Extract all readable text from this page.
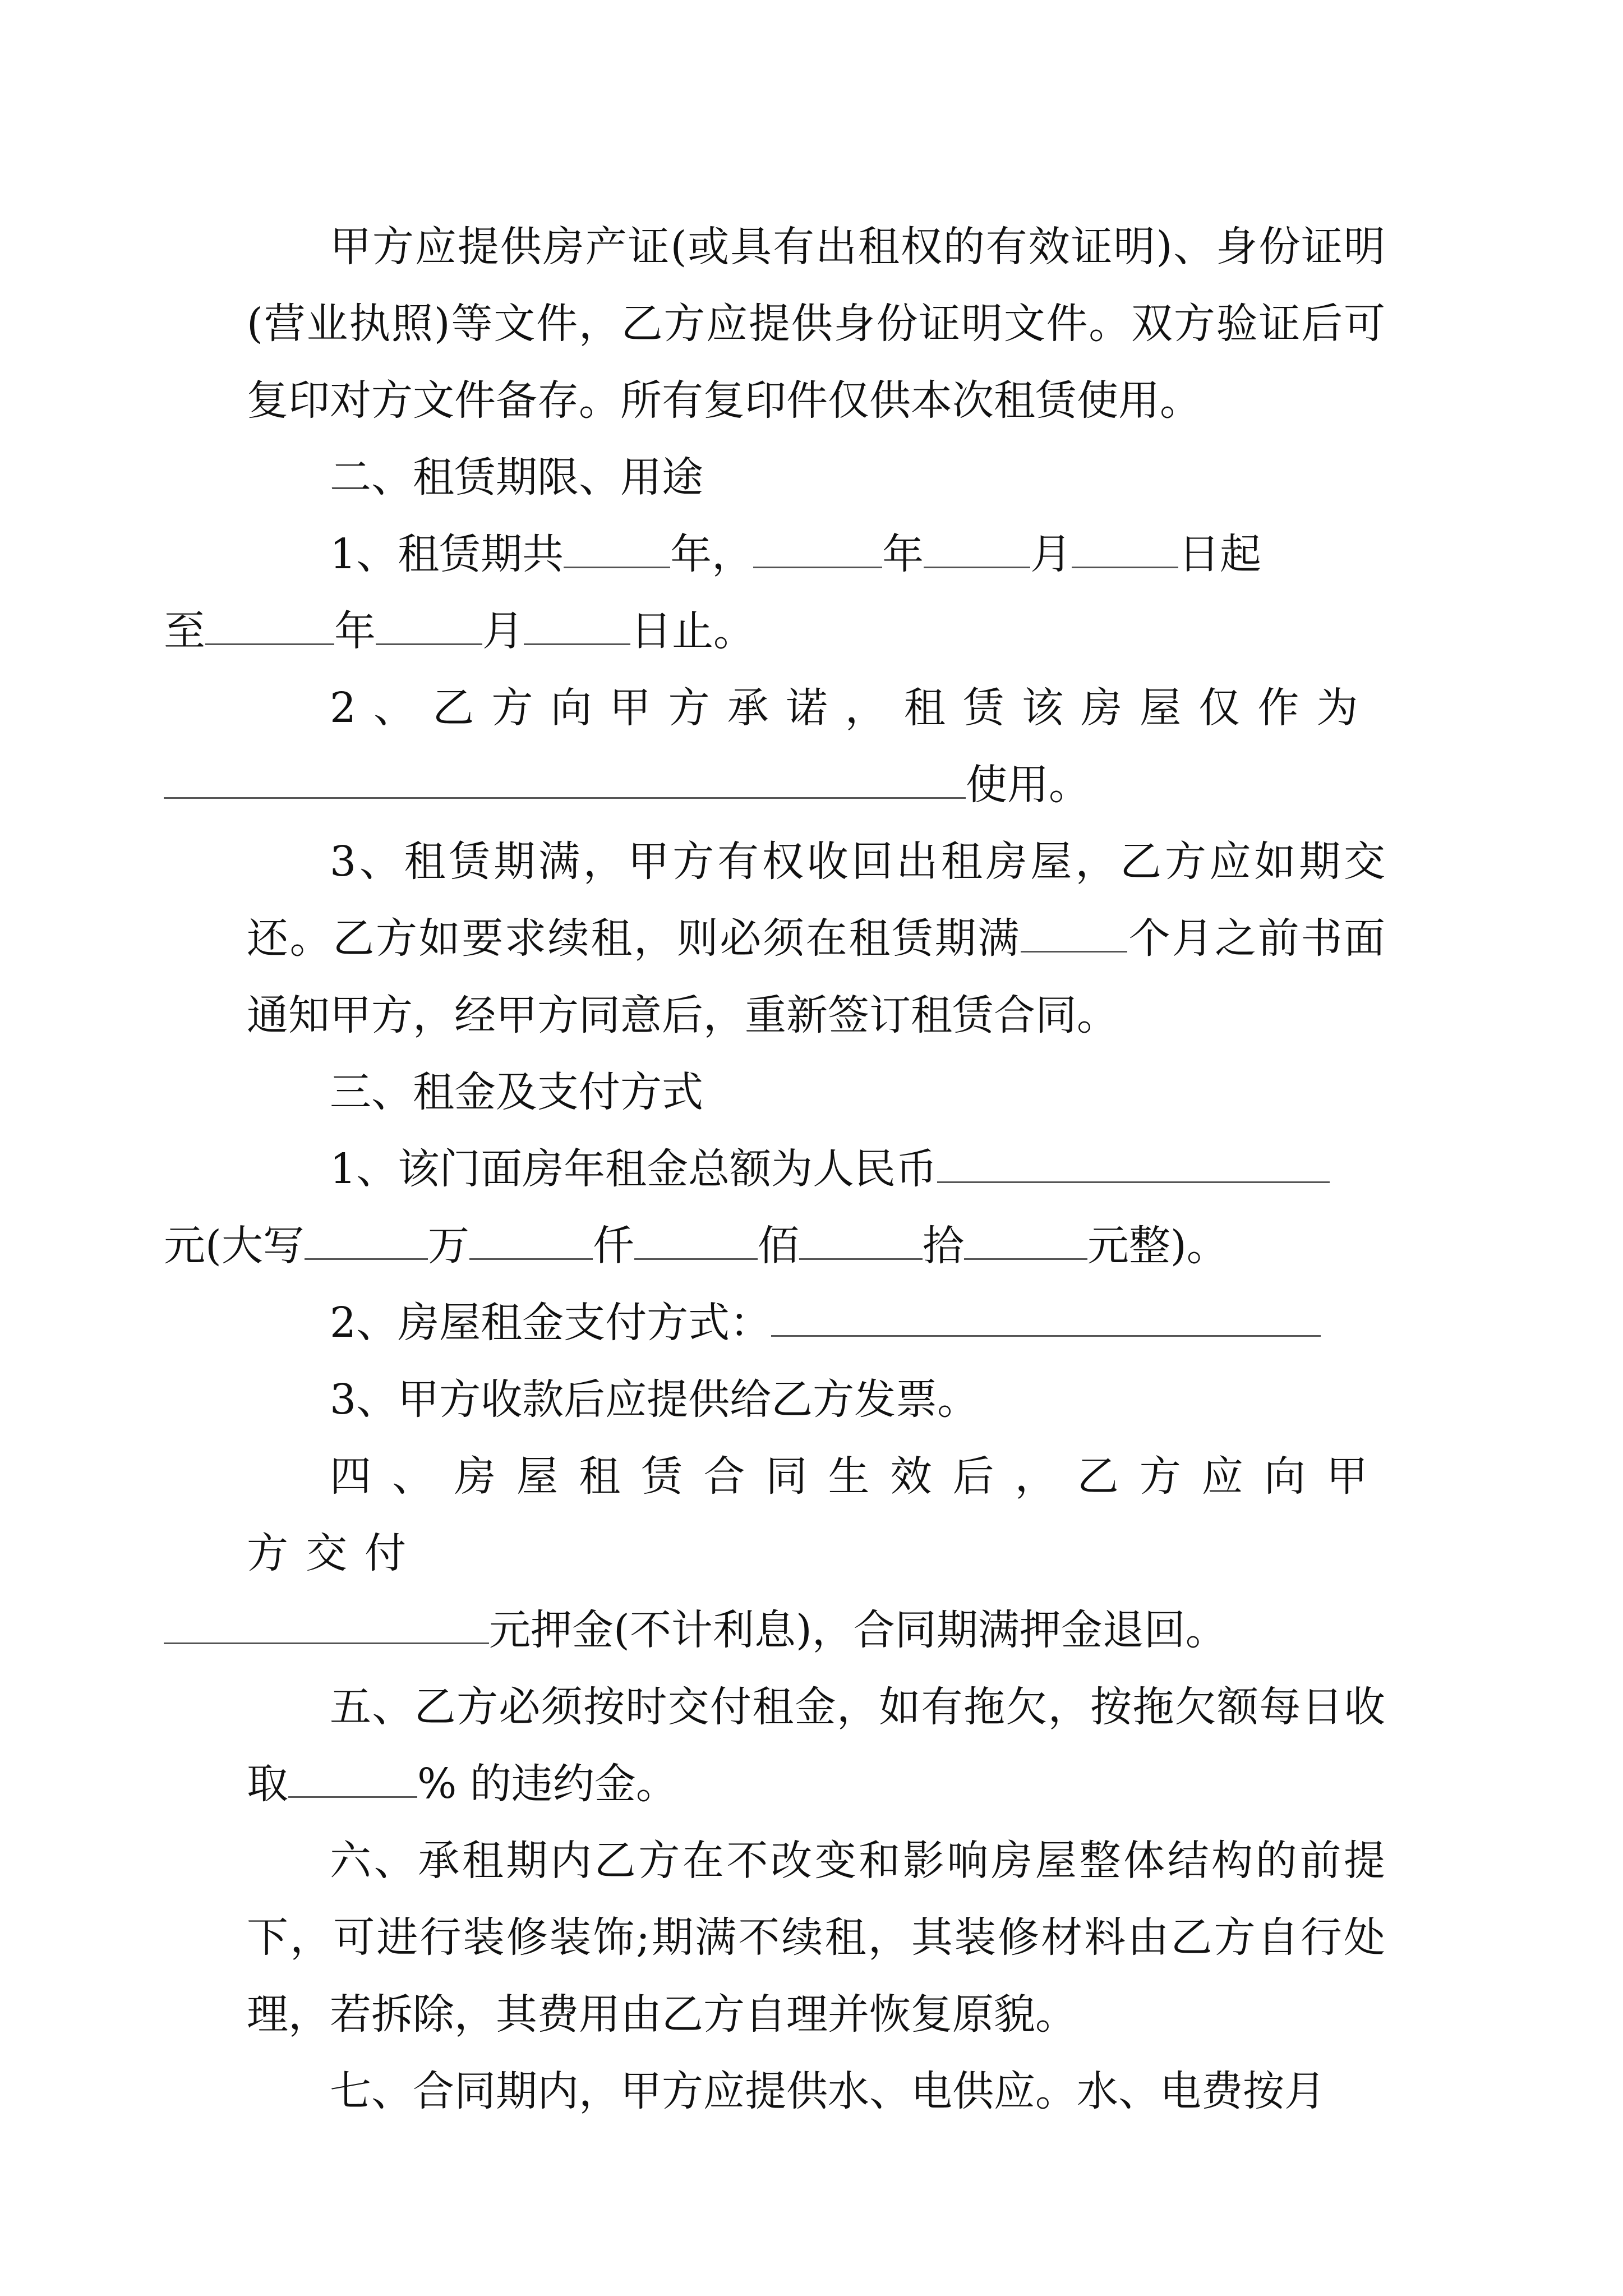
甲方应提供房产证(或具有出租权的有效证明)、身份证明(营业执照)等文件，乙方应提供身份证明文件。双方验证后可复印对方文件备存。所有复印件仅供本次租赁使用。

二、租赁期限、用途

1、租赁期共	年，	年	月	日起
至	年	月	日止。

2、乙方向甲方承诺，租赁该房屋仅作为
使用。

3、租赁期满，甲方有权收回出租房屋，乙方应如期交还。乙方如要求续租，则必须在租赁期满	个月之前书面通知甲方，经甲方同意后，重新签订租赁合同。

三、租金及支付方式

1、该门面房年租金总额为人民币
元(大写	万	仟	佰	拾	元整)。

2、房屋租金支付方式：

3、甲方收款后应提供给乙方发票。

四、房屋租赁合同生效后，乙方应向甲方交付
元押金(不计利息)，合同期满押金退回。

五、乙方必须按时交付租金，如有拖欠，按拖欠额每日收取	% 的违约金。

六、承租期内乙方在不改变和影响房屋整体结构的前提下，可进行装修装饰;期满不续租，其装修材料由乙方自行处理，若拆除，其费用由乙方自理并恢复原貌。

七、合同期内，甲方应提供水、电供应。水、电费按月
